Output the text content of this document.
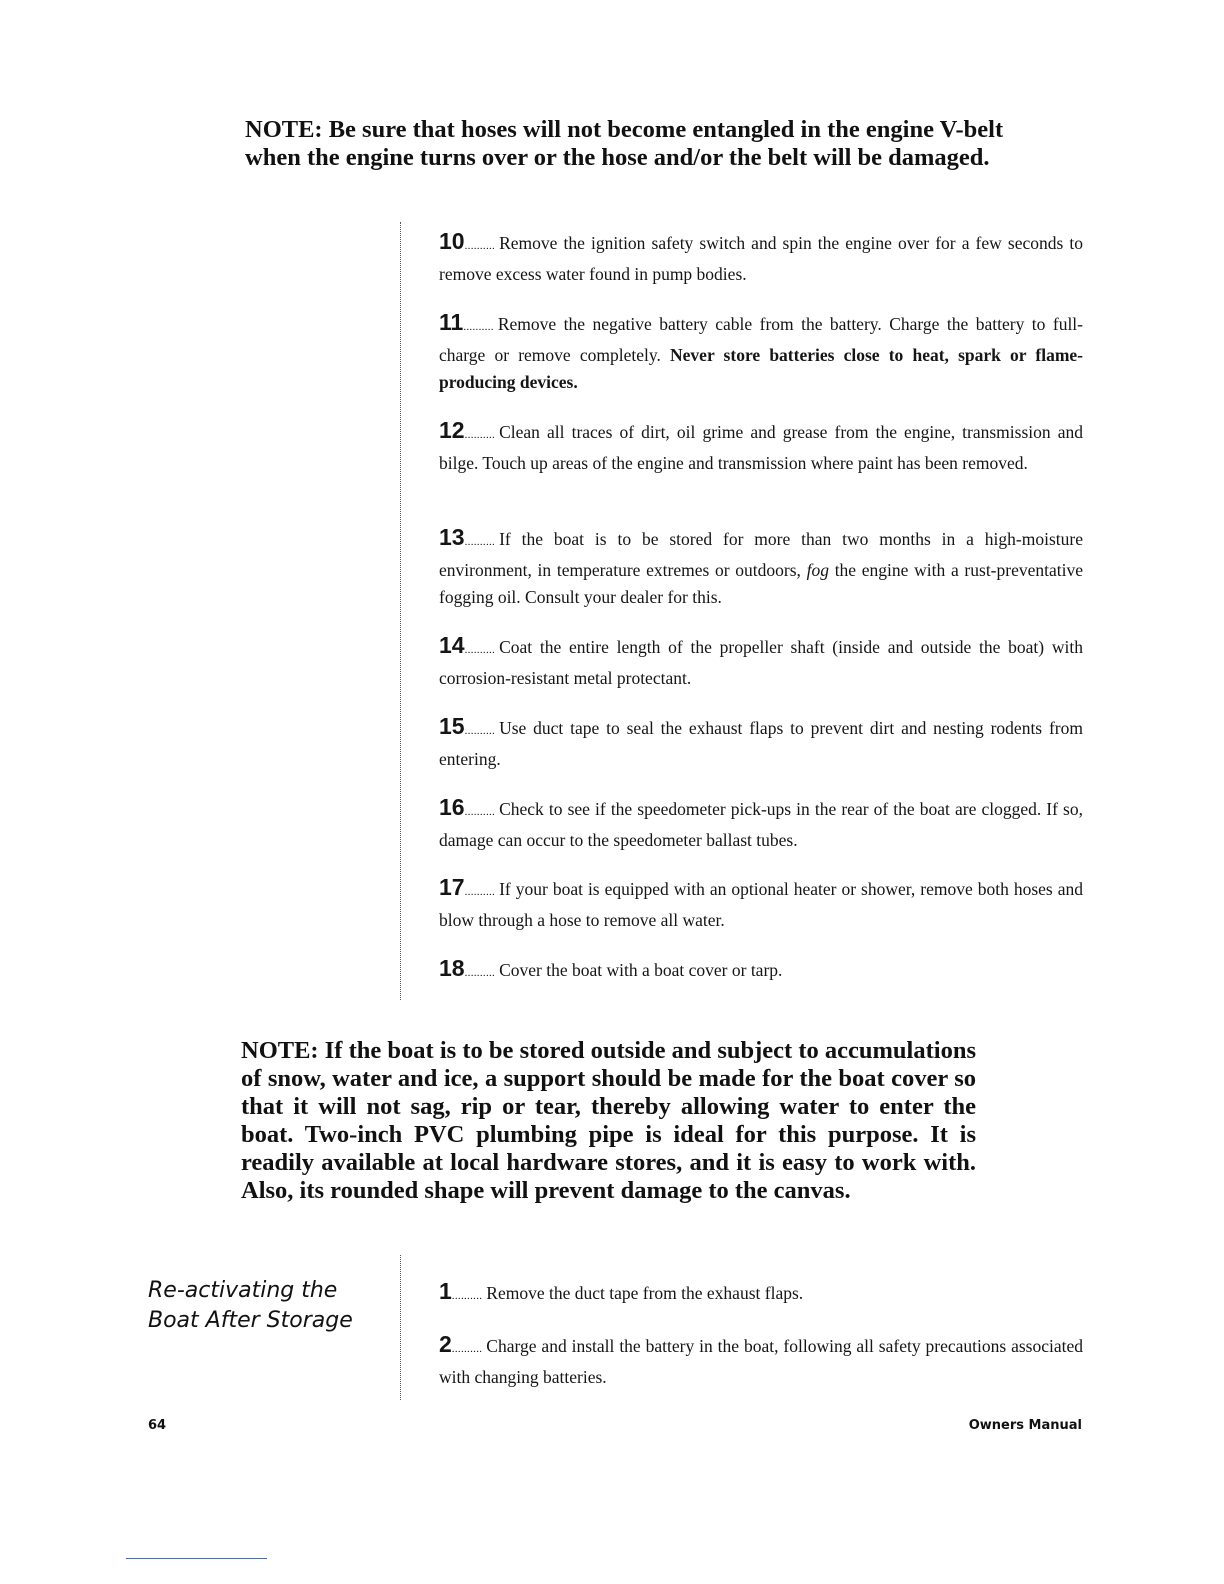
NOTE: Be sure that hoses will not become entangled in the engine V-belt when the engine turns over or the hose and/or the belt will be damaged.

10.......... Remove the ignition safety switch and spin the engine over for a few seconds to remove excess water found in pump bodies.

11.......... Remove the negative battery cable from the battery. Charge the battery to full-charge or remove completely. Never store batteries close to heat, spark or flame-producing devices.

12.......... Clean all traces of dirt, oil grime and grease from the engine, transmission and bilge. Touch up areas of the engine and transmission where paint has been removed.

13.......... If the boat is to be stored for more than two months in a high-moisture environment, in temperature extremes or outdoors, fog the engine with a rust-preventative fogging oil. Consult your dealer for this.

14.......... Coat the entire length of the propeller shaft (inside and outside the boat) with corrosion-resistant metal protectant.

15.......... Use duct tape to seal the exhaust flaps to prevent dirt and nesting rodents from entering.

16.......... Check to see if the speedometer pick-ups in the rear of the boat are clogged. If so, damage can occur to the speedometer ballast tubes.

17.......... If your boat is equipped with an optional heater or shower, remove both hoses and blow through a hose to remove all water.

18.......... Cover the boat with a boat cover or tarp.

NOTE: If the boat is to be stored outside and subject to accumulations of snow, water and ice, a support should be made for the boat cover so that it will not sag, rip or tear, thereby allowing water to enter the boat. Two-inch PVC plumbing pipe is ideal for this purpose. It is readily available at local hardware stores, and it is easy to work with. Also, its rounded shape will prevent damage to the canvas.

Re-activating the
Boat After Storage

1.......... Remove the duct tape from the exhaust flaps.

2.......... Charge and install the battery in the boat, following all safety precautions associated with changing batteries.

64	Owners Manual
